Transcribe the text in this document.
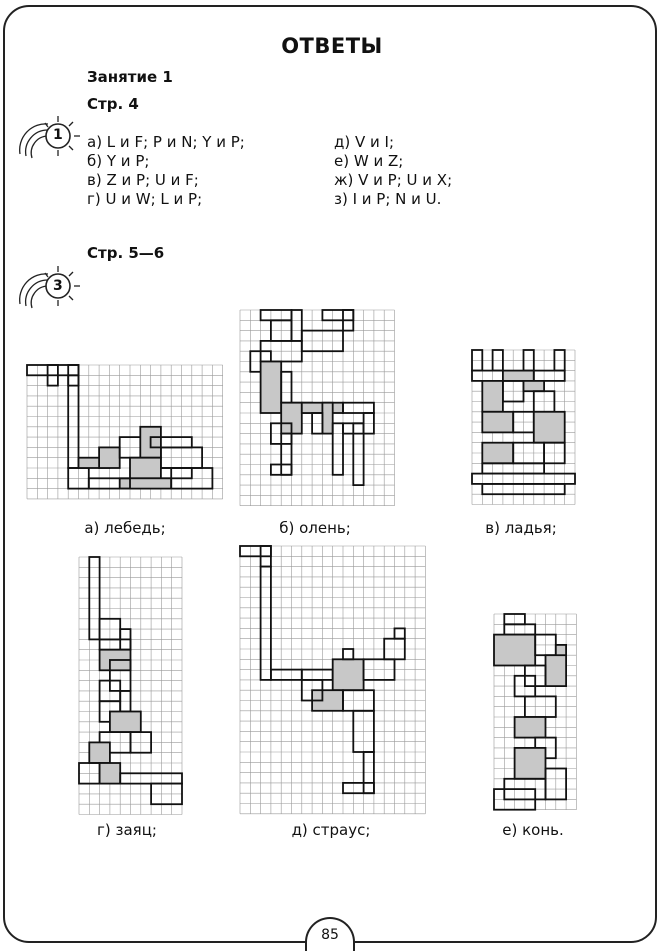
ОТВЕТЫ
Занятие 1
Стр. 4
1 а) L и F; P и N; Y и P;
б) Y и P;
в) Z и P; U и F;
г) U и W; L и P;
д) V и I;
е) W и Z;
ж) V и P; U и X;
з) I и P; N и U.
Стр. 5—6
3
а) лебедь;	б) олень;	в) ладья;
г) заяц;	д) страус;	е) конь.
85
